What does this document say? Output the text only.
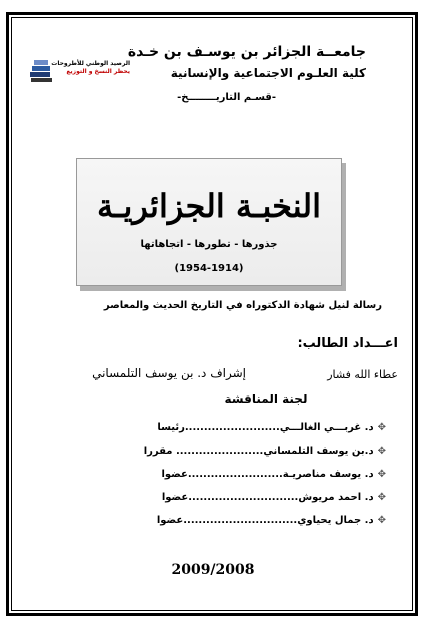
جامعــة الجزائر بن يوسـف بن خـدة
كلية العلـوم الاجتماعية والإنسانية
-قسـم التاريــــــــخ-
الرصيد الوطني للأطروحات
يحظر النسخ و التوزيع
النخبـة الجزائريـة
جذورها - تطورها - اتجاهاتها
(1954-1914)
رسالة لنيل شهادة الدكتوراه في التاريخ الحديث والمعاصر
اعـــداد الطالب:
عطاء الله فشار
إشراف د. بن يوسف التلمساني
لجنة المناقشة
✥د. غربـــي الغالـــي.........................رئيسا
✥د.بن يوسف التلمساني....................... مقررا
✥د. يوسف مناصريـة.........................عضوا
✥د. احمد مريوش.............................عضوا
✥د. جمال يحياوي..............................عضوا
2009/2008
